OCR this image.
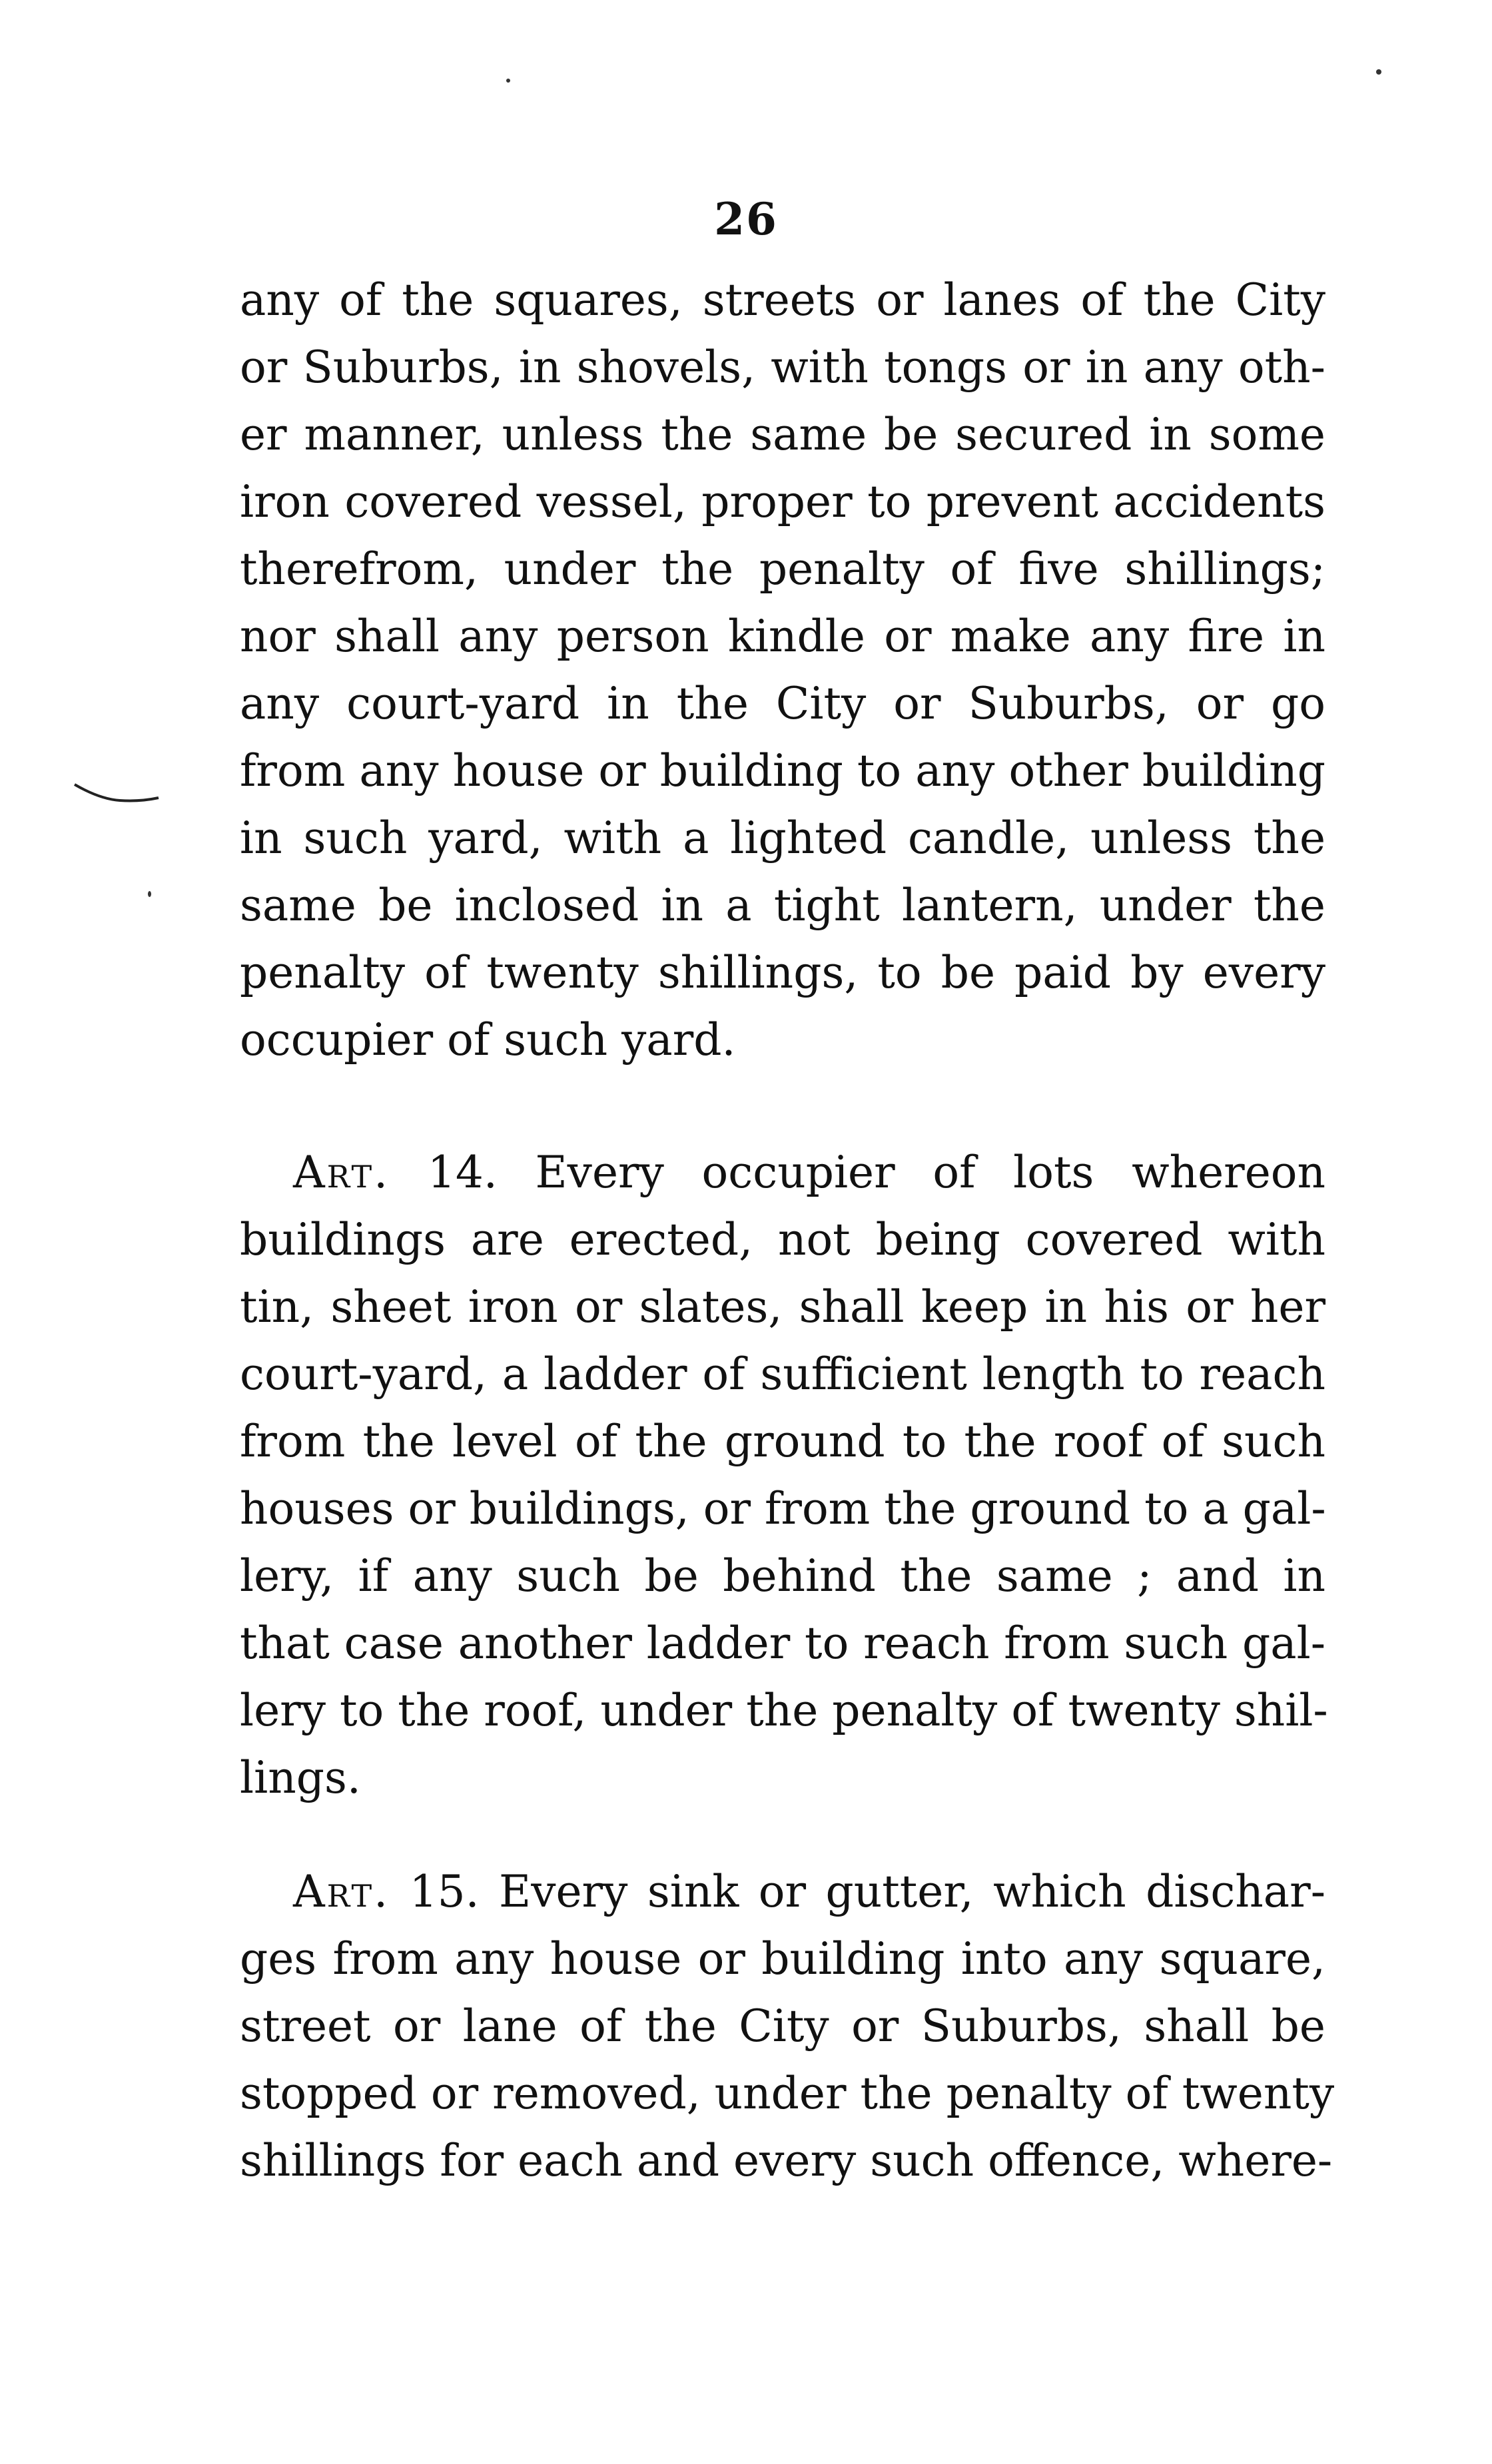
26
any of the squares, streets or lanes of the City
or Suburbs, in shovels, with tongs or in any oth-
er manner, unless the same be secured in some
iron covered vessel, proper to prevent accidents
therefrom, under the penalty of five shillings;
nor shall any person kindle or make any fire in
any court-yard in the City or Suburbs, or go
from any house or building to any other building
in such yard, with a lighted candle, unless the
same be inclosed in a tight lantern, under the
penalty of twenty shillings, to be paid by every
occupier of such yard.
Art. 14. Every occupier of lots whereon
buildings are erected, not being covered with
tin, sheet iron or slates, shall keep in his or her
court-yard, a ladder of sufficient length to reach
from the level of the ground to the roof of such
houses or buildings, or from the ground to a gal-
lery, if any such be behind the same ; and in
that case another ladder to reach from such gal-
lery to the roof, under the penalty of twenty shil-
lings.
Art. 15. Every sink or gutter, which dischar-
ges from any house or building into any square,
street or lane of the City or Suburbs, shall be
stopped or removed, under the penalty of twenty
shillings for each and every such offence, where-
